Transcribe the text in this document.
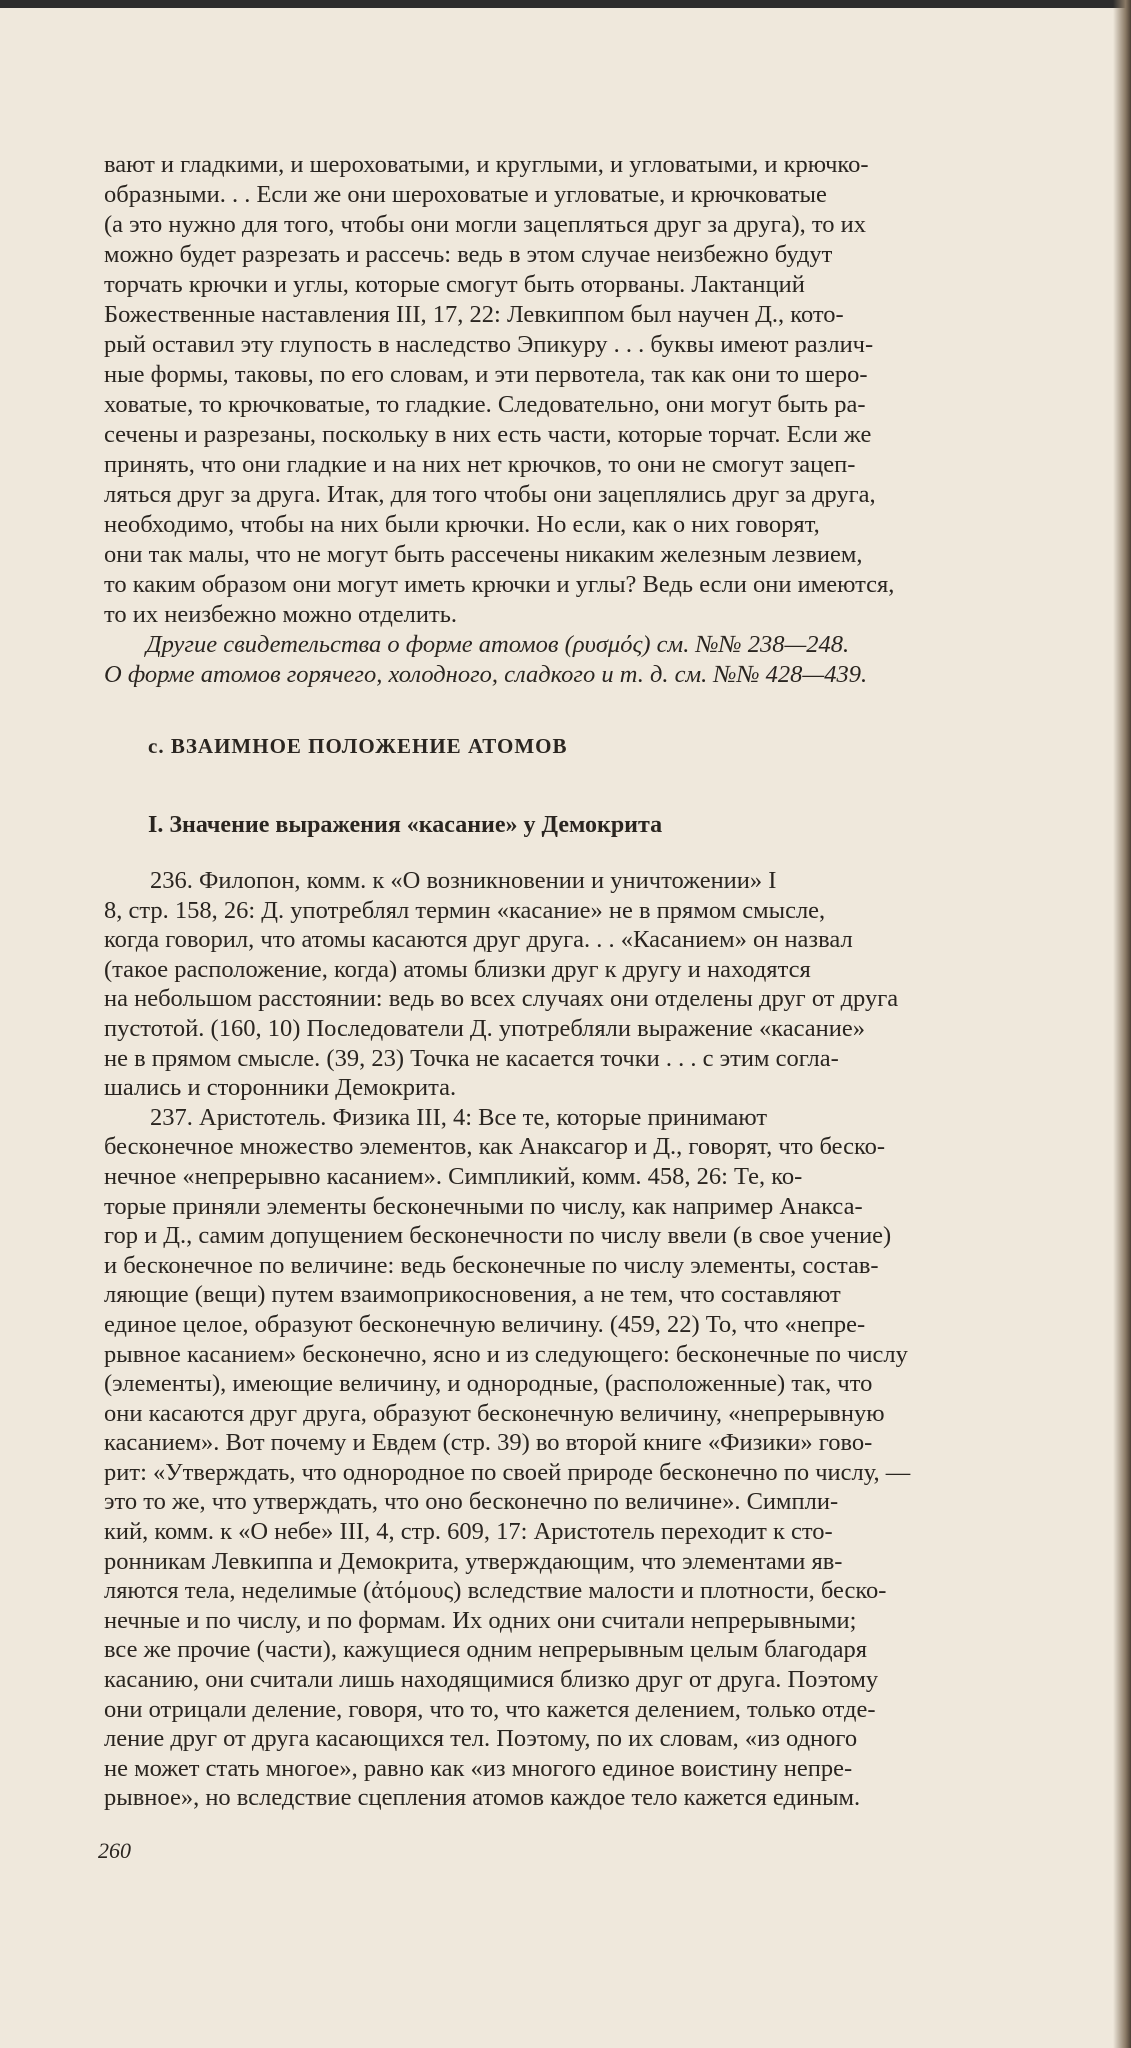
вают и гладкими, и шероховатыми, и круглыми, и угловатыми, и крючко-
образными. . . Если же они шероховатые и угловатые, и крючковатые
(а это нужно для того, чтобы они могли зацепляться друг за друга), то их
можно будет разрезать и рассечь: ведь в этом случае неизбежно будут
торчать крючки и углы, которые смогут быть оторваны. Лактанций
Божественные наставления III, 17, 22: Левкиппом был научен Д., кото-
рый оставил эту глупость в наследство Эпикуру . . . буквы имеют различ-
ные формы, таковы, по его словам, и эти первотела, так как они то шеро-
ховатые, то крючковатые, то гладкие. Следовательно, они могут быть ра-
сечены и разрезаны, поскольку в них есть части, которые торчат. Если же
принять, что они гладкие и на них нет крючков, то они не смогут зацеп-
ляться друг за друга. Итак, для того чтобы они зацеплялись друг за друга,
необходимо, чтобы на них были крючки. Но если, как о них говорят,
они так малы, что не могут быть рассечены никаким железным лезвием,
то каким образом они могут иметь крючки и углы? Ведь если они имеются,
то их неизбежно можно отделить.
Другие свидетельства о форме атомов (ρυσμός) см. №№ 238—248.
О форме атомов горячего, холодного, сладкого и т. д. см. №№ 428—439.
с. ВЗАИМНОЕ ПОЛОЖЕНИЕ АТОМОВ
I. Значение выражения «касание» у Демокрита
236. Филопон, комм. к «О возникновении и уничтожении» I
8, стр. 158, 26: Д. употреблял термин «касание» не в прямом смысле,
когда говорил, что атомы касаются друг друга. . . «Касанием» он назвал
(такое расположение, когда) атомы близки друг к другу и находятся
на небольшом расстоянии: ведь во всех случаях они отделены друг от друга
пустотой. (160, 10) Последователи Д. употребляли выражение «касание»
не в прямом смысле. (39, 23) Точка не касается точки . . . с этим согла-
шались и сторонники Демокрита.
237. Аристотель. Физика III, 4: Все те, которые принимают
бесконечное множество элементов, как Анаксагор и Д., говорят, что беско-
нечное «непрерывно касанием». Симпликий, комм. 458, 26: Те, ко-
торые приняли элементы бесконечными по числу, как например Анакса-
гор и Д., самим допущением бесконечности по числу ввели (в свое учение)
и бесконечное по величине: ведь бесконечные по числу элементы, состав-
ляющие (вещи) путем взаимоприкосновения, а не тем, что составляют
единое целое, образуют бесконечную величину. (459, 22) То, что «непре-
рывное касанием» бесконечно, ясно и из следующего: бесконечные по числу
(элементы), имеющие величину, и однородные, (расположенные) так, что
они касаются друг друга, образуют бесконечную величину, «непрерывную
касанием». Вот почему и Евдем (стр. 39) во второй книге «Физики» гово-
рит: «Утверждать, что однородное по своей природе бесконечно по числу, —
это то же, что утверждать, что оно бесконечно по величине». Симпли-
кий, комм. к «О небе» III, 4, стр. 609, 17: Аристотель переходит к сто-
ронникам Левкиппа и Демокрита, утверждающим, что элементами яв-
ляются тела, неделимые (ἀτόμους) вследствие малости и плотности, беско-
нечные и по числу, и по формам. Их одних они считали непрерывными;
все же прочие (части), кажущиеся одним непрерывным целым благодаря
касанию, они считали лишь находящимися близко друг от друга. Поэтому
они отрицали деление, говоря, что то, что кажется делением, только отде-
ление друг от друга касающихся тел. Поэтому, по их словам, «из одного
не может стать многое», равно как «из многого единое воистину непре-
рывное», но вследствие сцепления атомов каждое тело кажется единым.

260
